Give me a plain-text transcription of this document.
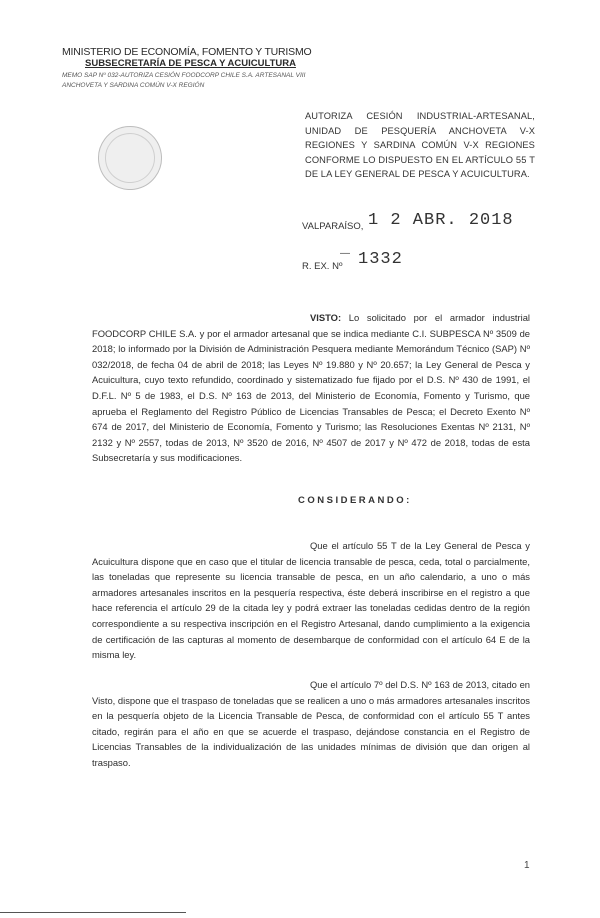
MINISTERIO DE ECONOMÍA, FOMENTO Y TURISMO
SUBSECRETARÍA DE PESCA Y ACUICULTURA
MEMO SAP Nº 032-AUTORIZA CESIÓN FOODCORP CHILE S.A. ARTESANAL VIII
ANCHOVETA Y SARDINA COMÚN V-X REGIÓN
AUTORIZA CESIÓN INDUSTRIAL-ARTESANAL, UNIDAD DE PESQUERÍA ANCHOVETA V-X REGIONES Y SARDINA COMÚN V-X REGIONES CONFORME LO DISPUESTO EN EL ARTÍCULO 55 T DE LA LEY GENERAL DE PESCA Y ACUICULTURA.
VALPARAÍSO, 1 2 ABR. 2018
—
R. EX. Nº 1332
VISTO: Lo solicitado por el armador industrial FOODCORP CHILE S.A. y por el armador artesanal que se indica mediante C.I. SUBPESCA Nº 3509 de 2018; lo informado por la División de Administración Pesquera mediante Memorándum Técnico (SAP) Nº 032/2018, de fecha 04 de abril de 2018; las Leyes Nº 19.880 y Nº 20.657; la Ley General de Pesca y Acuicultura, cuyo texto refundido, coordinado y sistematizado fue fijado por el D.S. Nº 430 de 1991, el D.F.L. Nº 5 de 1983, el D.S. Nº 163 de 2013, del Ministerio de Economía, Fomento y Turismo, que aprueba el Reglamento del Registro Público de Licencias Transables de Pesca; el Decreto Exento Nº 674 de 2017, del Ministerio de Economía, Fomento y Turismo; las Resoluciones Exentas Nº 2131, Nº 2132 y Nº 2557, todas de 2013, Nº 3520 de 2016, Nº 4507 de 2017 y Nº 472 de 2018, todas de esta Subsecretaría y sus modificaciones.
CONSIDERANDO:
Que el artículo 55 T de la Ley General de Pesca y Acuicultura dispone que en caso que el titular de licencia transable de pesca, ceda, total o parcialmente, las toneladas que represente su licencia transable de pesca, en un año calendario, a uno o más armadores artesanales inscritos en la pesquería respectiva, éste deberá inscribirse en el registro a que hace referencia el artículo 29 de la citada ley y podrá extraer las toneladas cedidas dentro de la región correspondiente a su respectiva inscripción en el Registro Artesanal, dando cumplimiento a la exigencia de certificación de las capturas al momento de desembarque de conformidad con el artículo 64 E de la misma ley.
Que el artículo 7º del D.S. Nº 163 de 2013, citado en Visto, dispone que el traspaso de toneladas que se realicen a uno o más armadores artesanales inscritos en la pesquería objeto de la Licencia Transable de Pesca, de conformidad con el artículo 55 T antes citado, regirán para el año en que se acuerde el traspaso, dejándose constancia en el Registro de Licencias Transables de la individualización de las unidades mínimas de división que dan origen al traspaso.
1
